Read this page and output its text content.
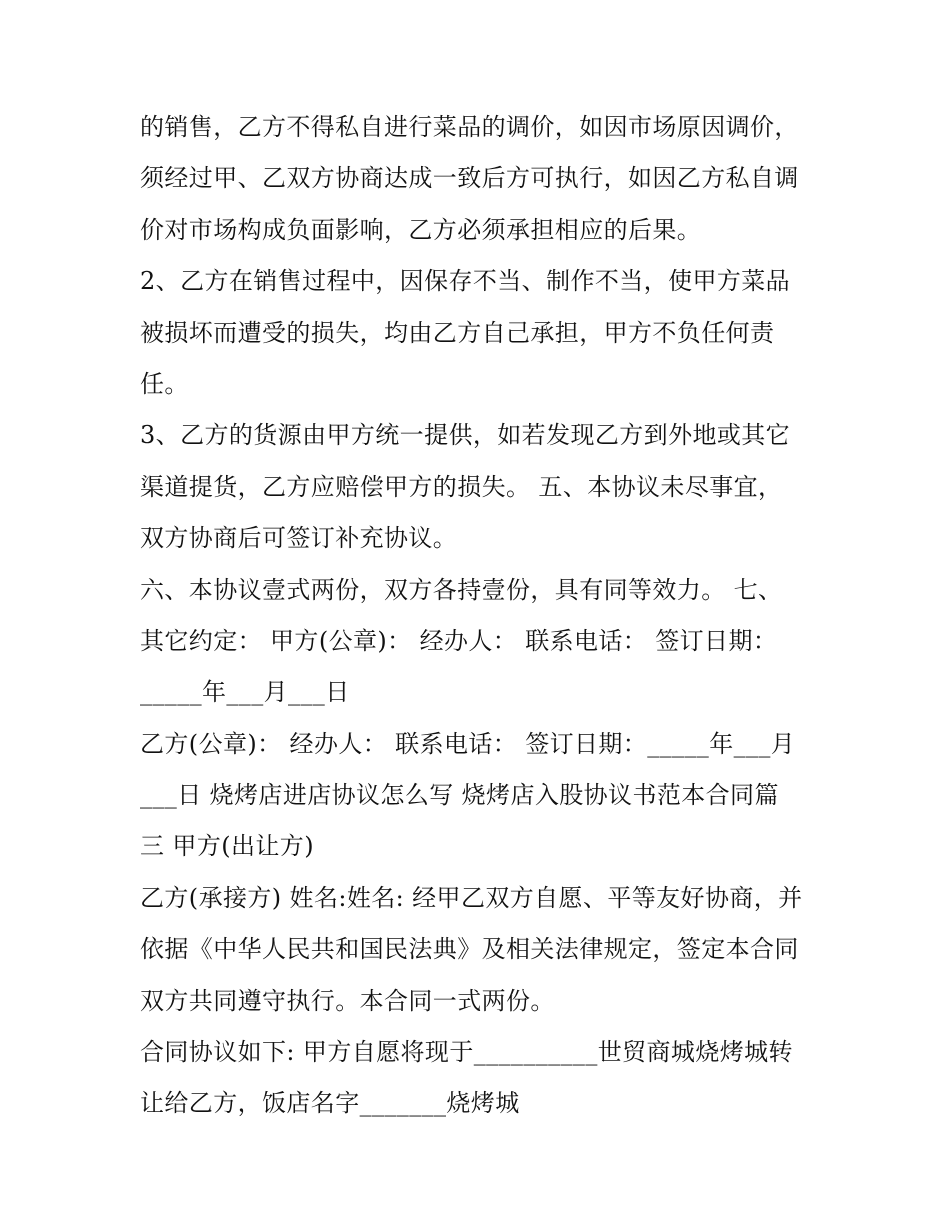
的销售，乙方不得私自进行菜品的调价，如因市场原因调价，
须经过甲、乙双方协商达成一致后方可执行，如因乙方私自调
价对市场构成负面影响，乙方必须承担相应的后果。
2、乙方在销售过程中，因保存不当、制作不当，使甲方菜品
被损坏而遭受的损失，均由乙方自己承担，甲方不负任何责
任。
3、乙方的货源由甲方统一提供，如若发现乙方到外地或其它
渠道提货，乙方应赔偿甲方的损失。 五、本协议未尽事宜，
双方协商后可签订补充协议。
六、本协议壹式两份，双方各持壹份，具有同等效力。 七、
其它约定： 甲方(公章)： 经办人： 联系电话： 签订日期：
_____年___月___日
乙方(公章)： 经办人： 联系电话： 签订日期：_____年___月
___日 烧烤店进店协议怎么写 烧烤店入股协议书范本合同篇
三 甲方(出让方)
乙方(承接方) 姓名:姓名: 经甲乙双方自愿、平等友好协商，并
依据《中华人民共和国民法典》及相关法律规定，签定本合同
双方共同遵守执行。本合同一式两份。
合同协议如下: 甲方自愿将现于__________世贸商城烧烤城转
让给乙方，饭店名字_______烧烤城
